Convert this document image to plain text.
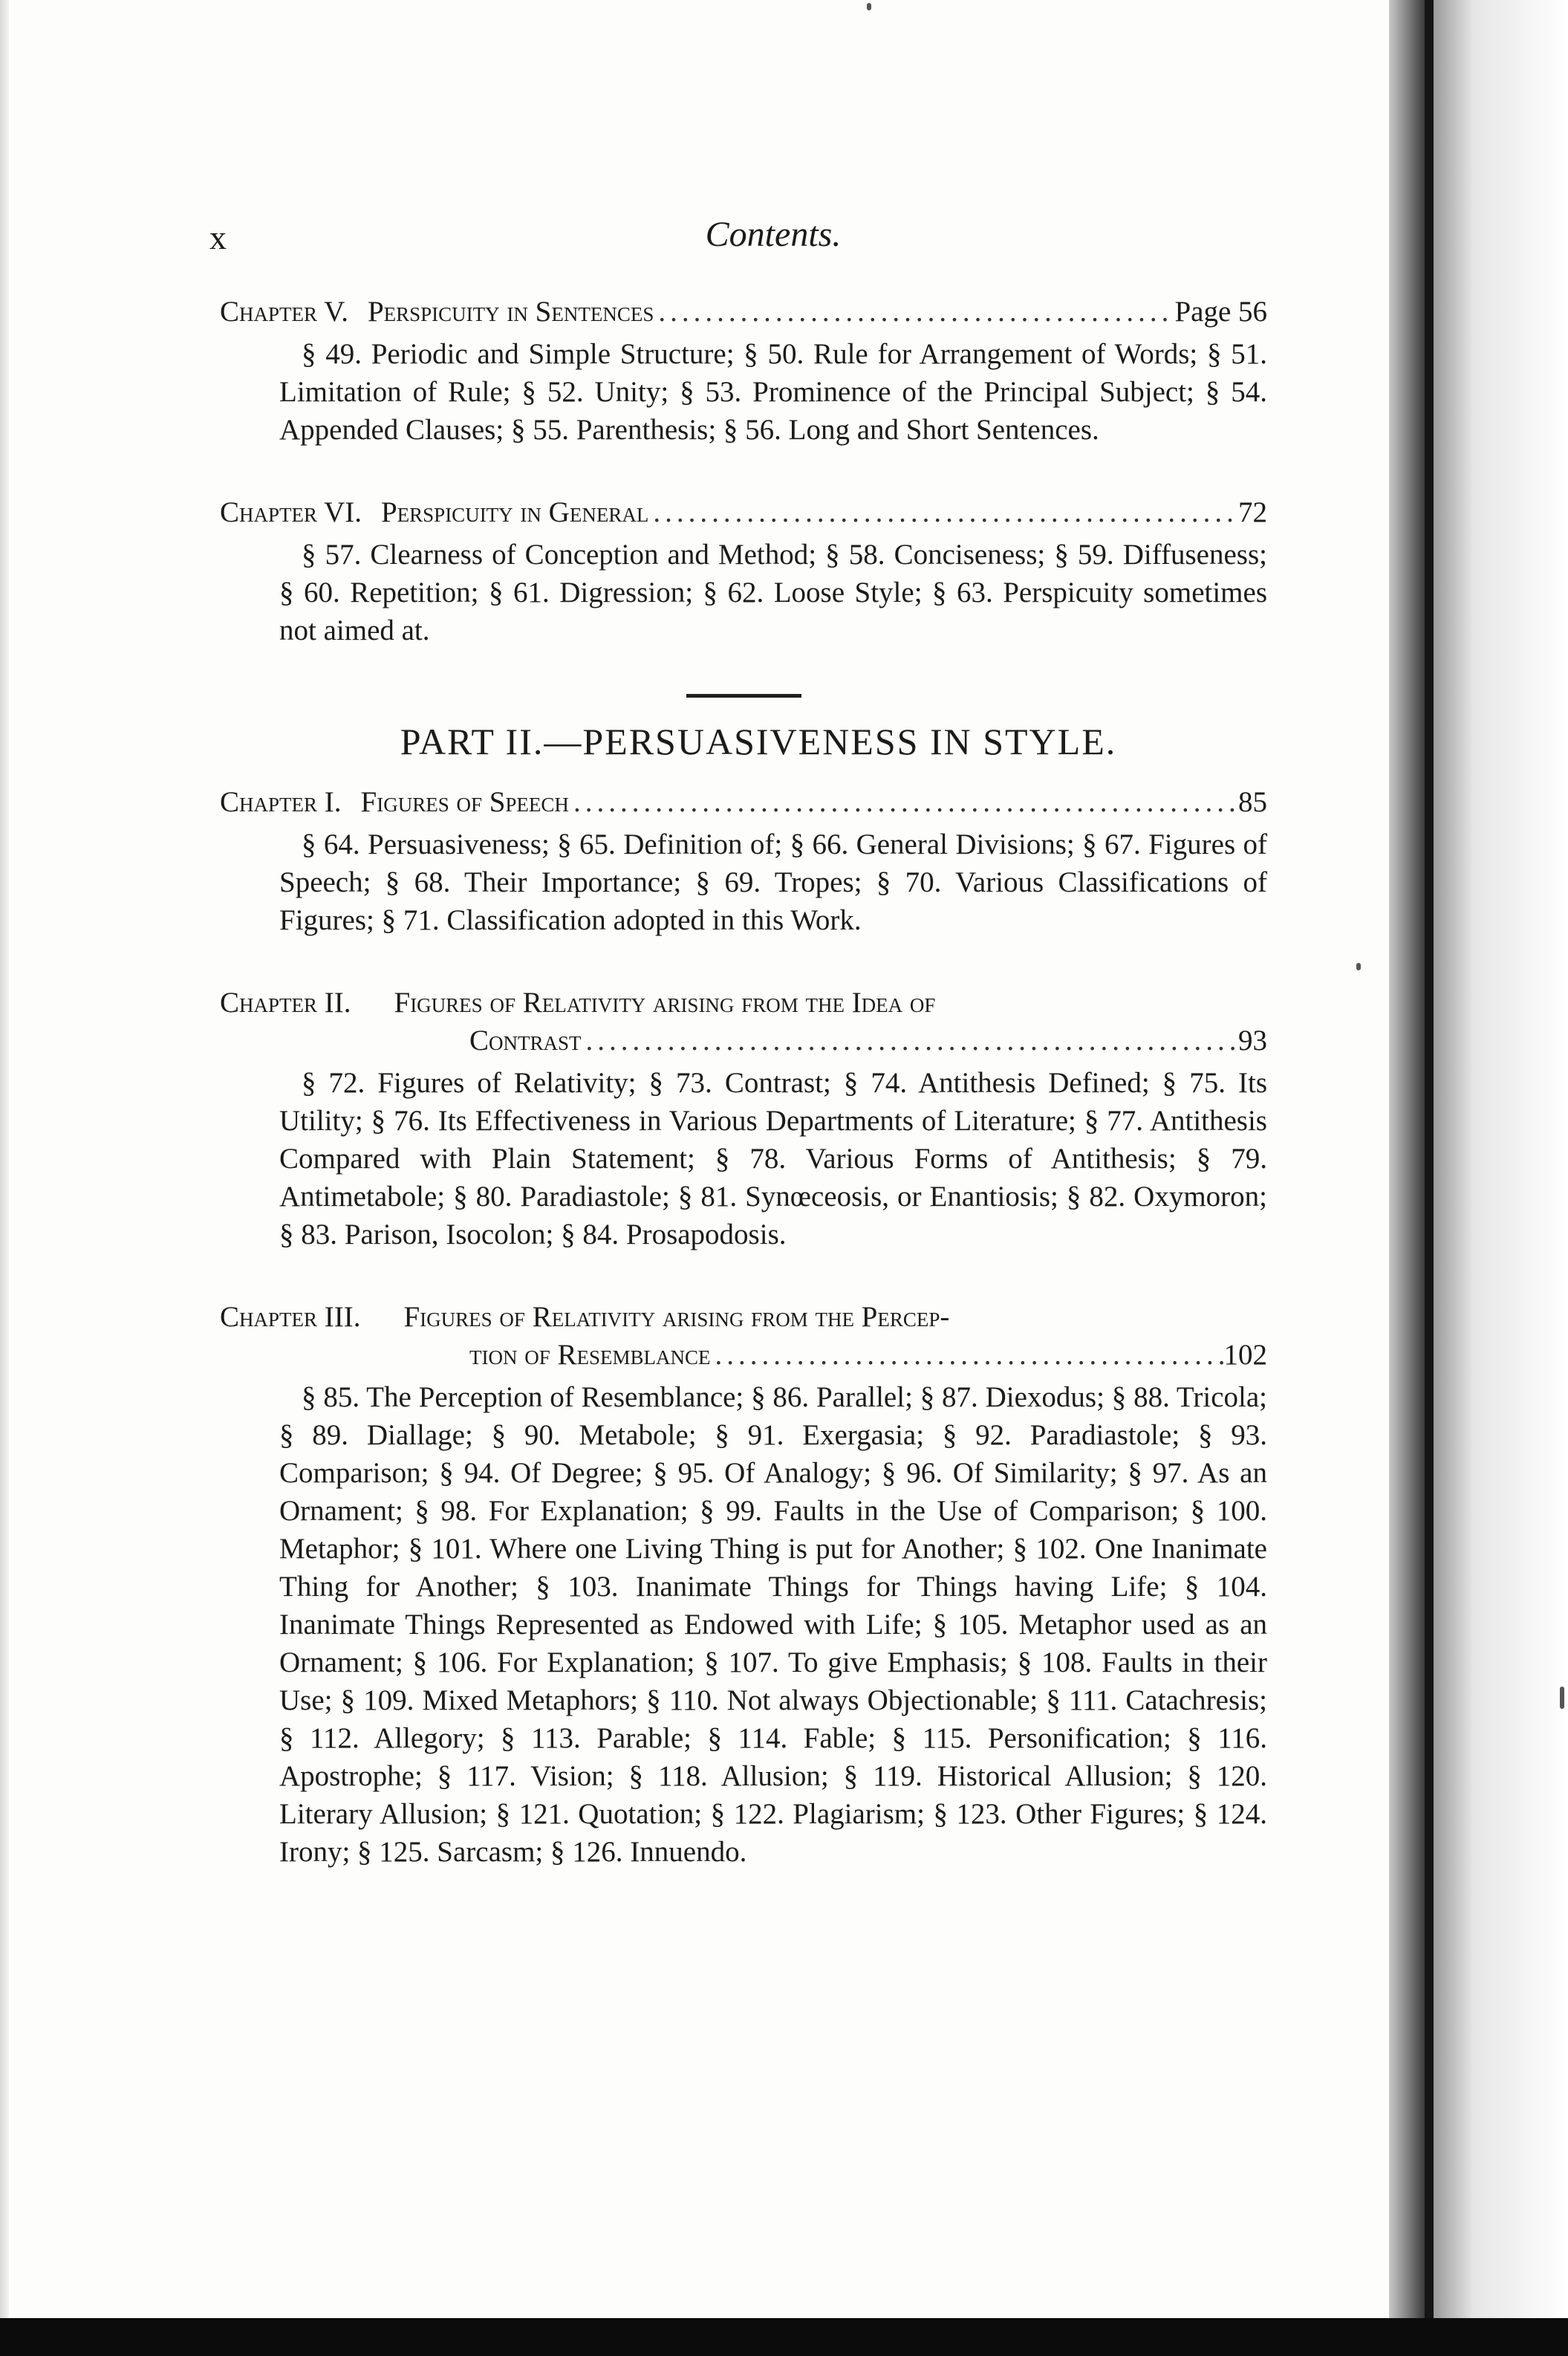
x	Contents.
Chapter V. Perspicuity in Sentences .....	Page 56
§ 49. Periodic and Simple Structure; § 50. Rule for Arrangement of Words; § 51. Limitation of Rule; § 52. Unity; § 53. Prominence of the Principal Subject; § 54. Appended Clauses; § 55. Parenthesis; § 56. Long and Short Sentences.
Chapter VI. Perspicuity in General .....	72
§ 57. Clearness of Conception and Method; § 58. Conciseness; § 59. Diffuseness; § 60. Repetition; § 61. Digression; § 62. Loose Style; § 63. Perspicuity sometimes not aimed at.
PART II.—PERSUASIVENESS IN STYLE.
Chapter I. Figures of Speech .....	85
§ 64. Persuasiveness; § 65. Definition of; § 66. General Divisions; § 67. Figures of Speech; § 68. Their Importance; § 69. Tropes; § 70. Various Classifications of Figures; § 71. Classification adopted in this Work.
Chapter II. Figures of Relativity arising from the Idea of
Contrast .....	93
§ 72. Figures of Relativity; § 73. Contrast; § 74. Antithesis Defined; § 75. Its Utility; § 76. Its Effectiveness in Various Departments of Literature; § 77. Antithesis Compared with Plain Statement; § 78. Various Forms of Antithesis; § 79. Antimetabole; § 80. Paradiastole; § 81. Synœceosis, or Enantiosis; § 82. Oxymoron; § 83. Parison, Isocolon; § 84. Prosapodosis.
Chapter III. Figures of Relativity arising from the Percep-
tion of Resemblance .....	102
§ 85. The Perception of Resemblance; § 86. Parallel; § 87. Diexodus; § 88. Tricola; § 89. Diallage; § 90. Metabole; § 91. Exergasia; § 92. Paradiastole; § 93. Comparison; § 94. Of Degree; § 95. Of Analogy; § 96. Of Similarity; § 97. As an Ornament; § 98. For Explanation; § 99. Faults in the Use of Comparison; § 100. Metaphor; § 101. Where one Living Thing is put for Another; § 102. One Inanimate Thing for Another; § 103. Inanimate Things for Things having Life; § 104. Inanimate Things Represented as Endowed with Life; § 105. Metaphor used as an Ornament; § 106. For Explanation; § 107. To give Emphasis; § 108. Faults in their Use; § 109. Mixed Metaphors; § 110. Not always Objectionable; § 111. Catachresis; § 112. Allegory; § 113. Parable; § 114. Fable; § 115. Personification; § 116. Apostrophe; § 117. Vision; § 118. Allusion; § 119. Historical Allusion; § 120. Literary Allusion; § 121. Quotation; § 122. Plagiarism; § 123. Other Figures; § 124. Irony; § 125. Sarcasm; § 126. Innuendo.
